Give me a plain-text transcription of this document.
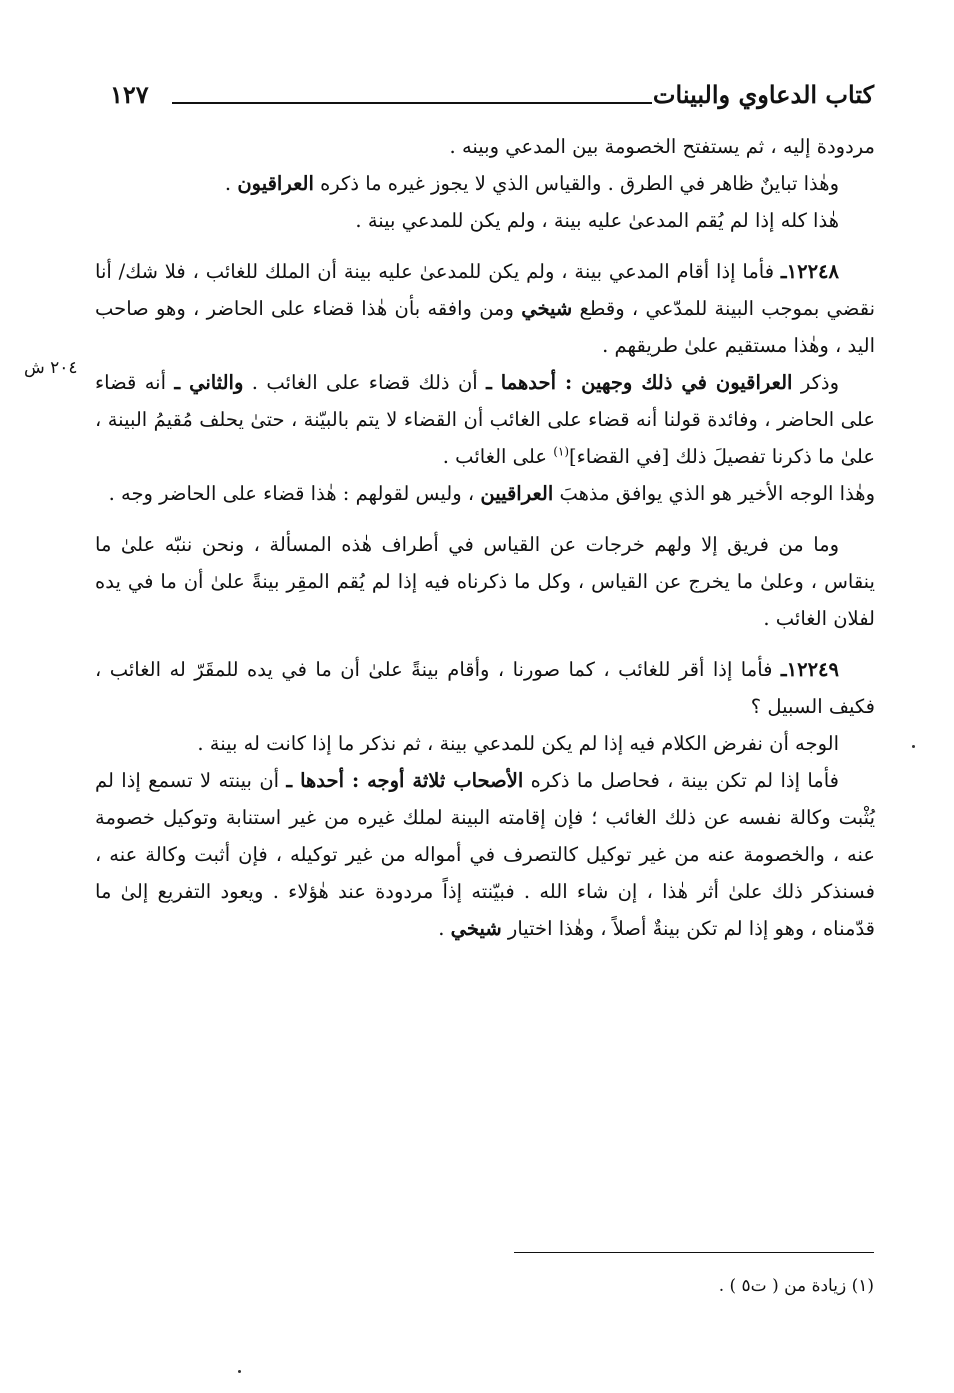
كتاب الدعاوي والبينات
١٢٧
٢٠٤ ش

مردودة إليه ، ثم يستفتح الخصومة بين المدعي وبينه .

وهٰذا تباينٌ ظاهر في الطرق . والقياس الذي لا يجوز غيره ما ذكره العراقيون .

هٰذا كله إذا لم يُقم المدعىٰ عليه بينة ، ولم يكن للمدعي بينة .

١٢٢٤٨ـ فأما إذا أقام المدعي بينة ، ولم يكن للمدعىٰ عليه بينة أن الملك للغائب ، فلا شك/ أنا نقضي بموجب البينة للمدّعي ، وقطع شيخي ومن وافقه بأن هٰذا قضاء على الحاضر ، وهو صاحب اليد ، وهٰذا مستقيم علىٰ طريقهم .

وذكر العراقيون في ذلك وجهين : أحدهما ـ أن ذلك قضاء على الغائب . والثاني ـ أنه قضاء على الحاضر ، وفائدة قولنا أنه قضاء على الغائب أن القضاء لا يتم بالبيّنة ، حتىٰ يحلف مُقيمُ البينة ، علىٰ ما ذكرنا تفصيلَ ذلك [في القضاء]$^{(١)}$ على الغائب .

وهٰذا الوجه الأخير هو الذي يوافق مذهبَ العراقيين ، وليس لقولهم : هٰذا قضاء على الحاضر وجه .

وما من فريق إلا ولهم خرجات عن القياس في أطراف هٰذه المسألة ، ونحن ننبّه علىٰ ما ينقاس ، وعلىٰ ما يخرج عن القياس ، وكل ما ذكرناه فيه إذا لم يُقم المقِر بينةً علىٰ أن ما في يده لفلان الغائب .

١٢٢٤٩ـ فأما إذا أقر للغائب ، كما صورنا ، وأقام بينةً علىٰ أن ما في يده للمقَرّ له الغائب ، فكيف السبيل ؟

الوجه أن نفرض الكلام فيه إذا لم يكن للمدعي بينة ، ثم نذكر ما إذا كانت له بينة .

فأما إذا لم تكن بينة ، فحاصل ما ذكره الأصحاب ثلاثة أوجه : أحدها ـ أن بينته لا تسمع إذا لم يُثْبت وكالة نفسه عن ذلك الغائب ؛ فإن إقامته البينة لملك غيره من غير استنابة وتوكيل خصومة عنه ، والخصومة عنه من غير توكيل كالتصرف في أمواله من غير توكيله ، فإن أثبت وكالة عنه ، فسنذكر ذلك علىٰ أثر هٰذا ، إن شاء الله . فبيّنته إذاً مردودة عند هٰؤلاء . ويعود التفريع إلىٰ ما قدّمناه ، وهو إذا لم تكن بينةٌ أصلاً ، وهٰذا اختيار شيخي .

(١) زيادة من ( ت٥ ) .
